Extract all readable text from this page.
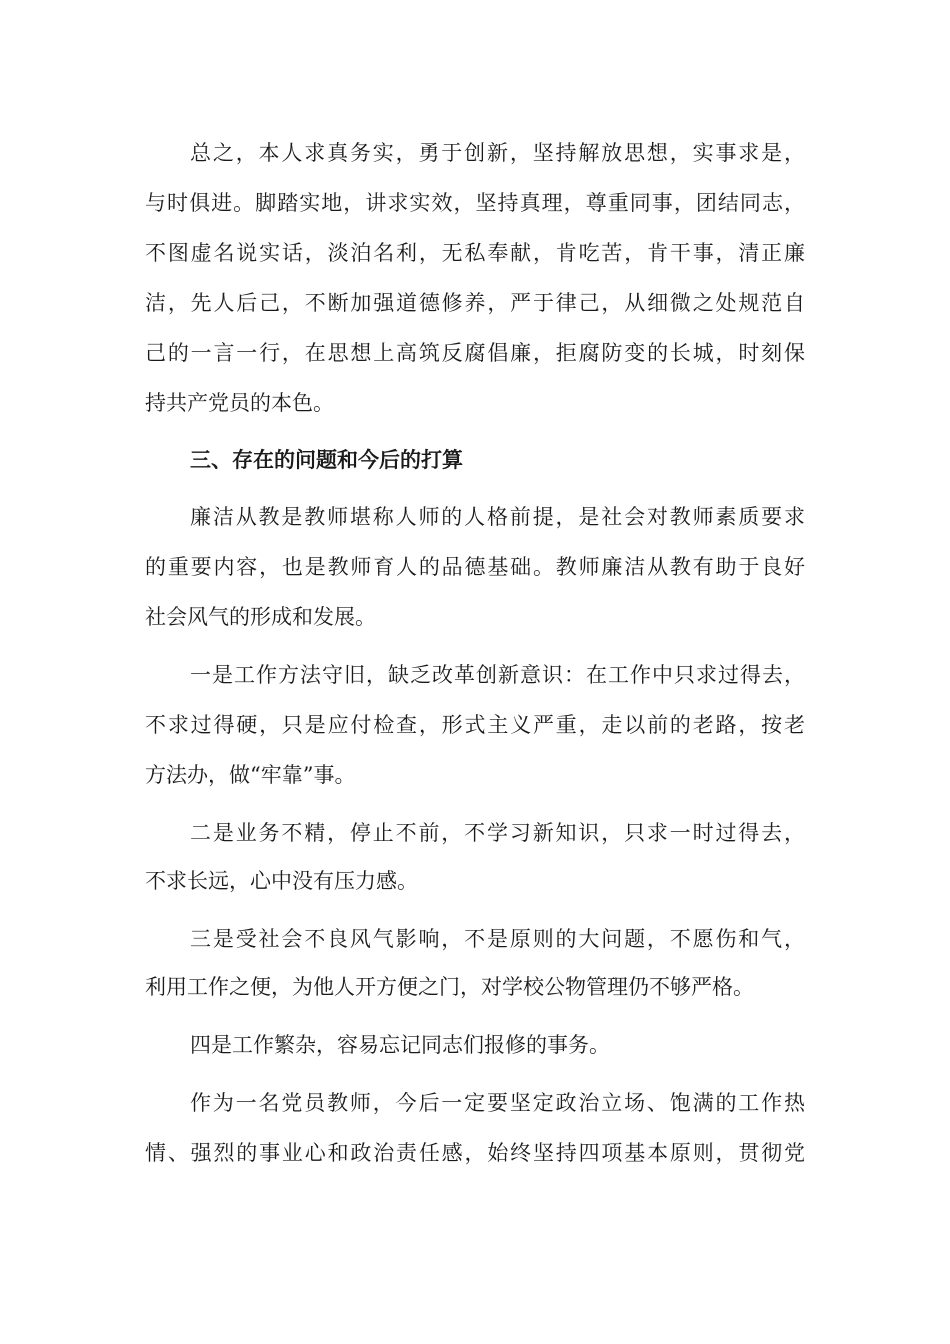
总之，本人求真务实，勇于创新，坚持解放思想，实事求是，
与时俱进。脚踏实地，讲求实效，坚持真理，尊重同事，团结同志，
不图虚名说实话，淡泊名利，无私奉献，肯吃苦，肯干事，清正廉
洁，先人后己，不断加强道德修养，严于律己，从细微之处规范自
己的一言一行，在思想上高筑反腐倡廉，拒腐防变的长城，时刻保
持共产党员的本色。
三、存在的问题和今后的打算
廉洁从教是教师堪称人师的人格前提，是社会对教师素质要求
的重要内容，也是教师育人的品德基础。教师廉洁从教有助于良好
社会风气的形成和发展。
一是工作方法守旧，缺乏改革创新意识：在工作中只求过得去，
不求过得硬，只是应付检查，形式主义严重，走以前的老路，按老
方法办，做“牢靠”事。
二是业务不精，停止不前，不学习新知识，只求一时过得去，
不求长远，心中没有压力感。
三是受社会不良风气影响，不是原则的大问题，不愿伤和气，
利用工作之便，为他人开方便之门，对学校公物管理仍不够严格。
四是工作繁杂，容易忘记同志们报修的事务。
作为一名党员教师，今后一定要坚定政治立场、饱满的工作热
情、强烈的事业心和政治责任感，始终坚持四项基本原则，贯彻党
